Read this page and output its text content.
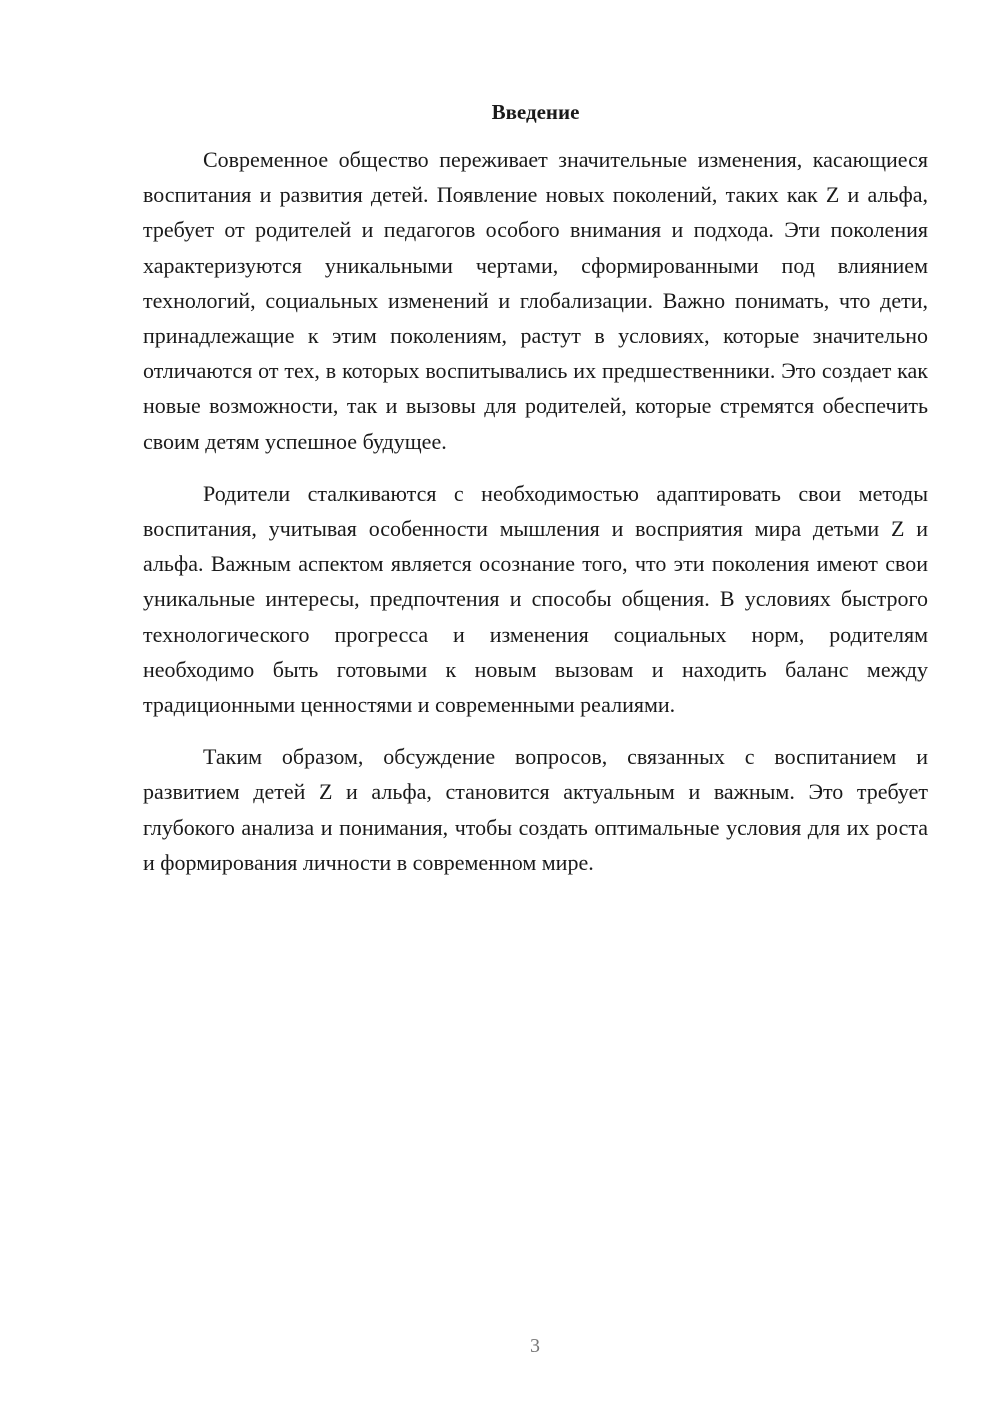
Введение

Современное общество переживает значительные изменения, касающиеся воспитания и развития детей. Появление новых поколений, таких как Z и альфа, требует от родителей и педагогов особого внимания и подхода. Эти поколения характеризуются уникальными чертами, сформированными под влиянием технологий, социальных изменений и глобализации. Важно понимать, что дети, принадлежащие к этим поколениям, растут в условиях, которые значительно отличаются от тех, в которых воспитывались их предшественники. Это создает как новые возможности, так и вызовы для родителей, которые стремятся обеспечить своим детям успешное будущее.

Родители сталкиваются с необходимостью адаптировать свои методы воспитания, учитывая особенности мышления и восприятия мира детьми Z и альфа. Важным аспектом является осознание того, что эти поколения имеют свои уникальные интересы, предпочтения и способы общения. В условиях быстрого технологического прогресса и изменения социальных норм, родителям необходимо быть готовыми к новым вызовам и находить баланс между традиционными ценностями и современными реалиями.

Таким образом, обсуждение вопросов, связанных с воспитанием и развитием детей Z и альфа, становится актуальным и важным. Это требует глубокого анализа и понимания, чтобы создать оптимальные условия для их роста и формирования личности в современном мире.

3
